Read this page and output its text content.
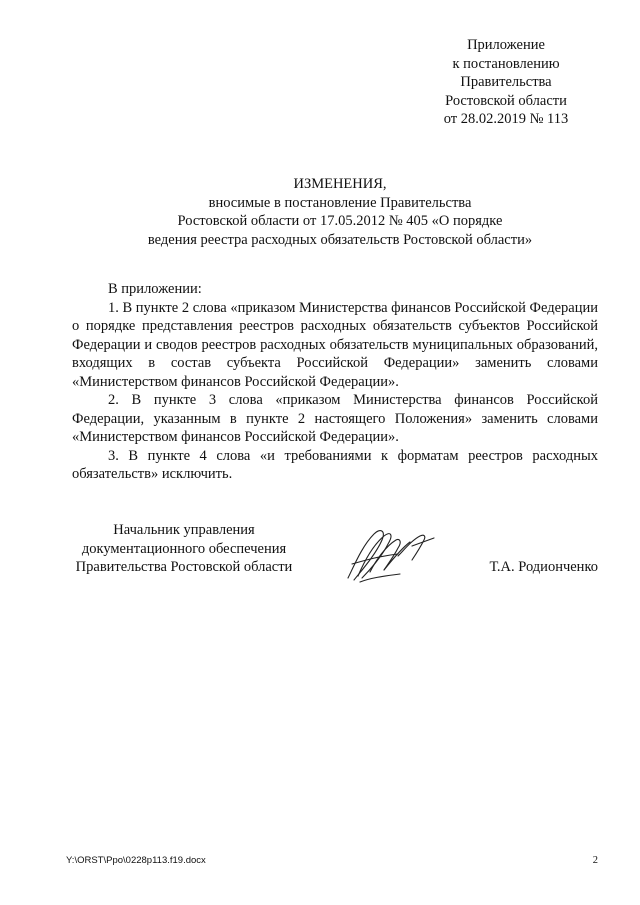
Приложение
к постановлению
Правительства
Ростовской области
от 28.02.2019 № 113
ИЗМЕНЕНИЯ,
вносимые в постановление Правительства
Ростовской области от 17.05.2012 № 405 «О порядке
ведения реестра расходных обязательств Ростовской области»

В приложении:

1. В пункте 2 слова «приказом Министерства финансов Российской Федерации о порядке представления реестров расходных обязательств субъектов Российской Федерации и сводов реестров расходных обязательств муниципальных образований, входящих в состав субъекта Российской Федерации» заменить словами «Министерством финансов Российской Федерации».

2. В пункте 3 слова «приказом Министерства финансов Российской Федерации, указанным в пункте 2 настоящего Положения» заменить словами «Министерством финансов Российской Федерации».

3. В пункте 4 слова «и требованиями к форматам реестров расходных обязательств» исключить.

Начальник управления
документационного обеспечения
Правительства Ростовской области	Т.А. Родионченко
Y:\ORST\Ppo\0228p113.f19.docx	2
